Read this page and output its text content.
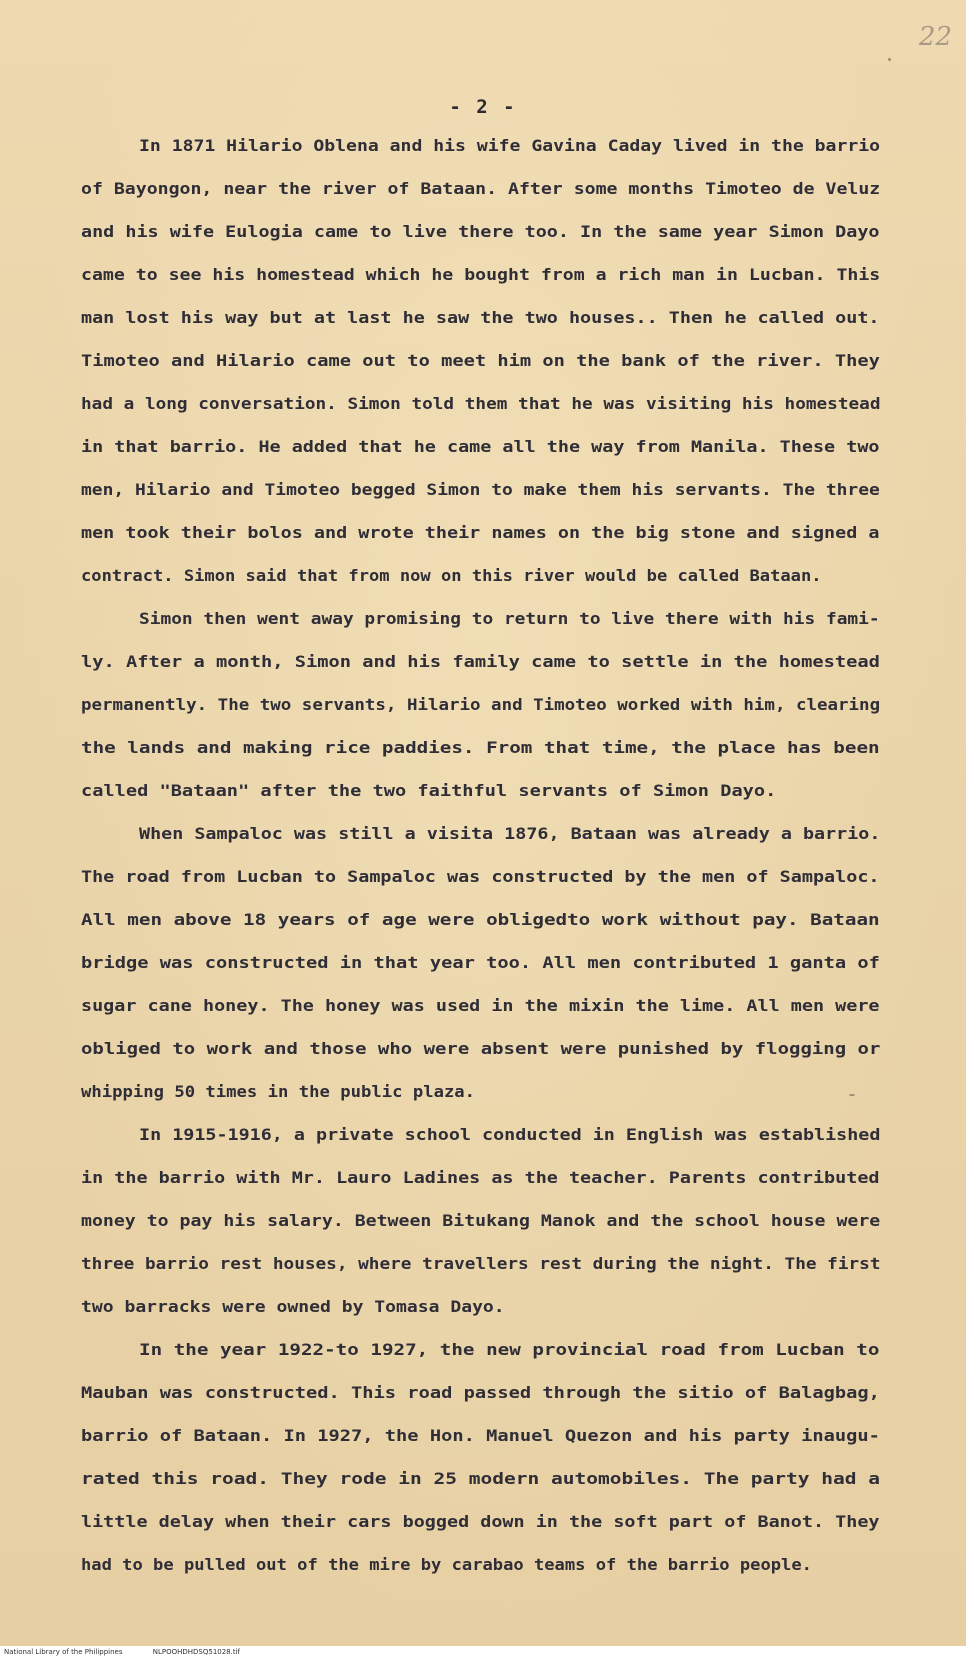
22
- 2 -
In 1871 Hilario Oblena and his wife Gavina Caday lived in the barrio
of Bayongon, near the river of Bataan. After some months Timoteo de Veluz
and his wife Eulogia came to live there too. In the same year Simon Dayo
came to see his homestead which he bought from a rich man in Lucban. This
man lost his way but at last he saw the two houses.. Then he called out.
Timoteo and Hilario came out to meet him on the bank of the river. They
had a long conversation. Simon told them that he was visiting his homestead
in that barrio. He added that he came all the way from Manila. These two
men, Hilario and Timoteo begged Simon to make them his servants. The three
men took their bolos and wrote their names on the big stone and signed a
contract. Simon said that from now on this river would be called Bataan.
Simon then went away promising to return to live there with his fami-
ly. After a month, Simon and his family came to settle in the homestead
permanently. The two servants, Hilario and Timoteo worked with him, clearing
the lands and making rice paddies. From that time, the place has been
called "Bataan" after the two faithful servants of Simon Dayo.
When Sampaloc was still a visita 1876, Bataan was already a barrio.
The road from Lucban to Sampaloc was constructed by the men of Sampaloc.
All men above 18 years of age were obligedto work without pay. Bataan
bridge was constructed in that year too. All men contributed 1 ganta of
sugar cane honey. The honey was used in the mixin the lime. All men were
obliged to work and those who were absent were punished by flogging or
whipping 50 times in the public plaza.
In 1915-1916, a private school conducted in English was established
in the barrio with Mr. Lauro Ladines as the teacher. Parents contributed
money to pay his salary. Between Bitukang Manok and the school house were
three barrio rest houses, where travellers rest during the night. The first
two barracks were owned by Tomasa Dayo.
In the year 1922-to 1927, the new provincial road from Lucban to
Mauban was constructed. This road passed through the sitio of Balagbag,
barrio of Bataan. In 1927, the Hon. Manuel Quezon and his party inaugu-
rated this road. They rode in 25 modern automobiles. The party had a
little delay when their cars bogged down in the soft part of Banot. They
had to be pulled out of the mire by carabao teams of the barrio people.
National Library of the Philippines	NLPOOHDHDSQ51028.tif
